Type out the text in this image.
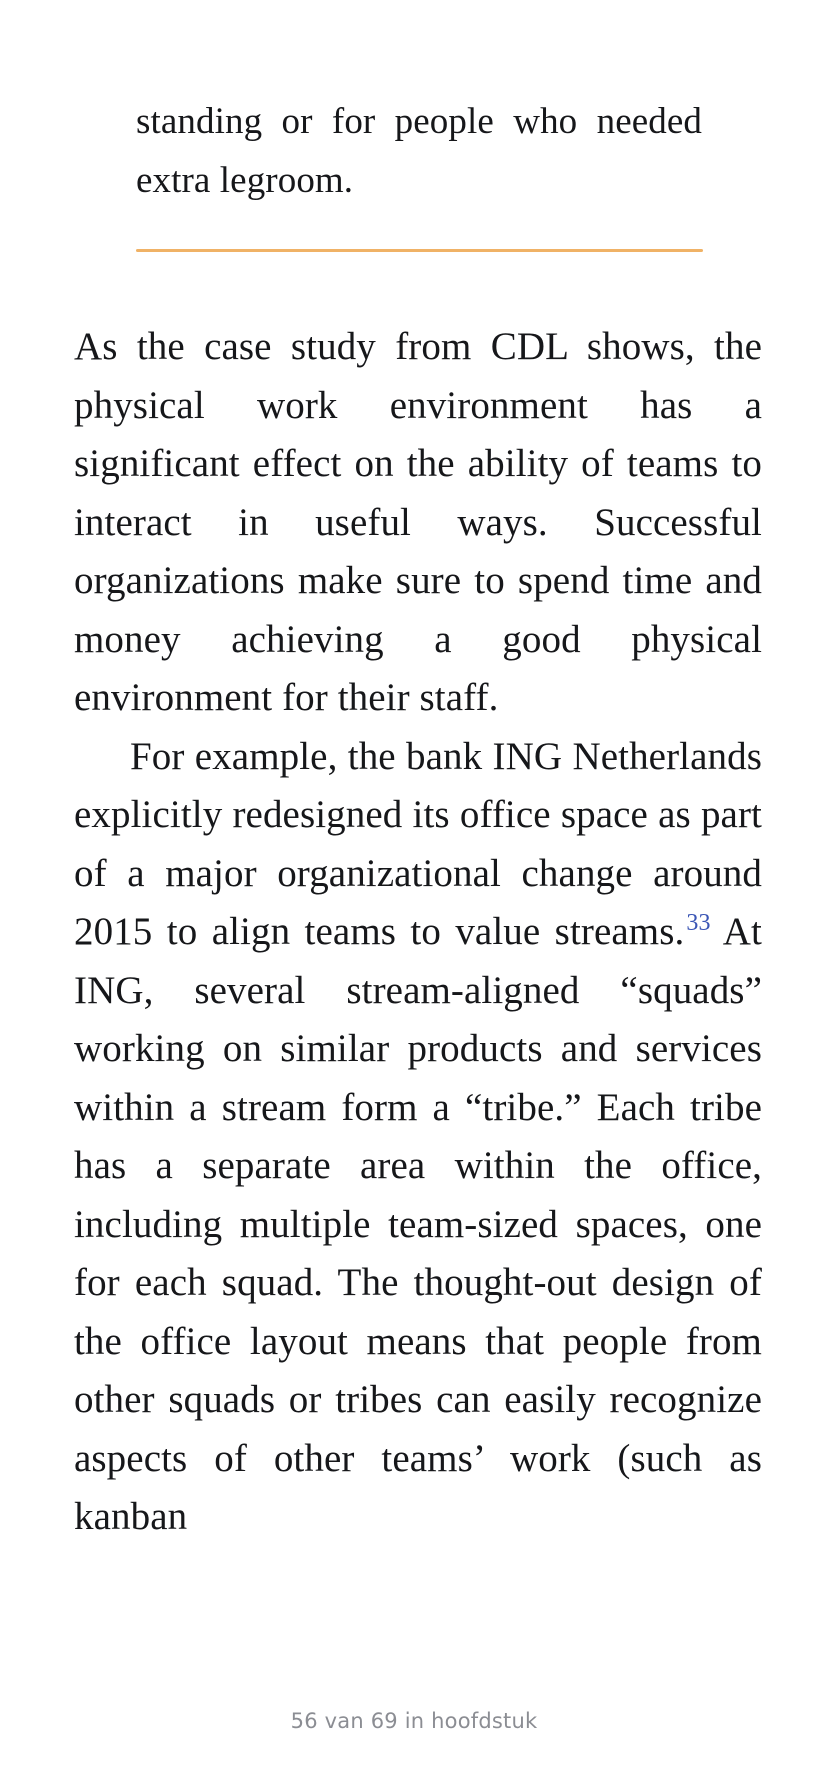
standing or for people who needed extra legroom.

As the case study from CDL shows, the physical work environment has a significant effect on the ability of teams to interact in useful ways. Successful organizations make sure to spend time and money achieving a good physical environment for their staff.

For example, the bank ING Netherlands explicitly redesigned its office space as part of a major organizational change around 2015 to align teams to value streams.$^{33}$ At ING, several stream-aligned “squads” working on similar products and services within a stream form a “tribe.” Each tribe has a separate area within the office, including multiple team-sized spaces, one for each squad. The thought-out design of the office layout means that people from other squads or tribes can easily recognize aspects of other teams’ work (such as kanban

56 van 69 in hoofdstuk
